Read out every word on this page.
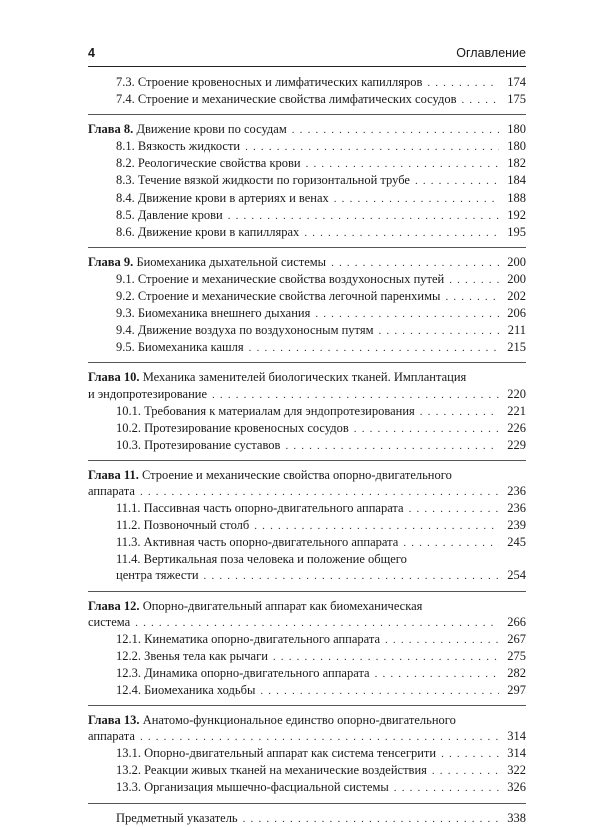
4	Оглавление
7.3. Строение кровеносных и лимфатических капилляров . . .	174
7.4. Строение и механические свойства лимфатических сосудов . . .	175
Глава 8. Движение крови по сосудам . . .	180
8.1. Вязкость жидкости . . .	180
8.2. Реологические свойства крови . . .	182
8.3. Течение вязкой жидкости по горизонтальной трубе . . .	184
8.4. Движение крови в артериях и венах . . .	188
8.5. Давление крови . . .	192
8.6. Движение крови в капиллярах . . .	195
Глава 9. Биомеханика дыхательной системы . . .	200
9.1. Строение и механические свойства воздухоносных путей . . .	200
9.2. Строение и механические свойства легочной паренхимы . . .	202
9.3. Биомеханика внешнего дыхания . . .	206
9.4. Движение воздуха по воздухоносным путям . . .	211
9.5. Биомеханика кашля . . .	215
Глава 10. Механика заменителей биологических тканей. Имплантация
и эндопротезирование . . .	220
10.1. Требования к материалам для эндопротезирования . . .	221
10.2. Протезирование кровеносных сосудов . . .	226
10.3. Протезирование суставов . . .	229
Глава 11. Строение и механические свойства опорно-двигательного
аппарата . . .	236
11.1. Пассивная часть опорно-двигательного аппарата . . .	236
11.2. Позвоночный столб . . .	239
11.3. Активная часть опорно-двигательного аппарата . . .	245
11.4. Вертикальная поза человека и положение общего
центра тяжести . . .	254
Глава 12. Опорно-двигательный аппарат как биомеханическая
система . . .	266
12.1. Кинематика опорно-двигательного аппарата . . .	267
12.2. Звенья тела как рычаги . . .	275
12.3. Динамика опорно-двигательного аппарата . . .	282
12.4. Биомеханика ходьбы . . .	297
Глава 13. Анатомо-функциональное единство опорно-двигательного
аппарата . . .	314
13.1. Опорно-двигательный аппарат как система тенсегрити . . .	314
13.2. Реакции живых тканей на механические воздействия . . .	322
13.3. Организация мышечно-фасциальной системы . . .	326
Предметный указатель . . .	338
